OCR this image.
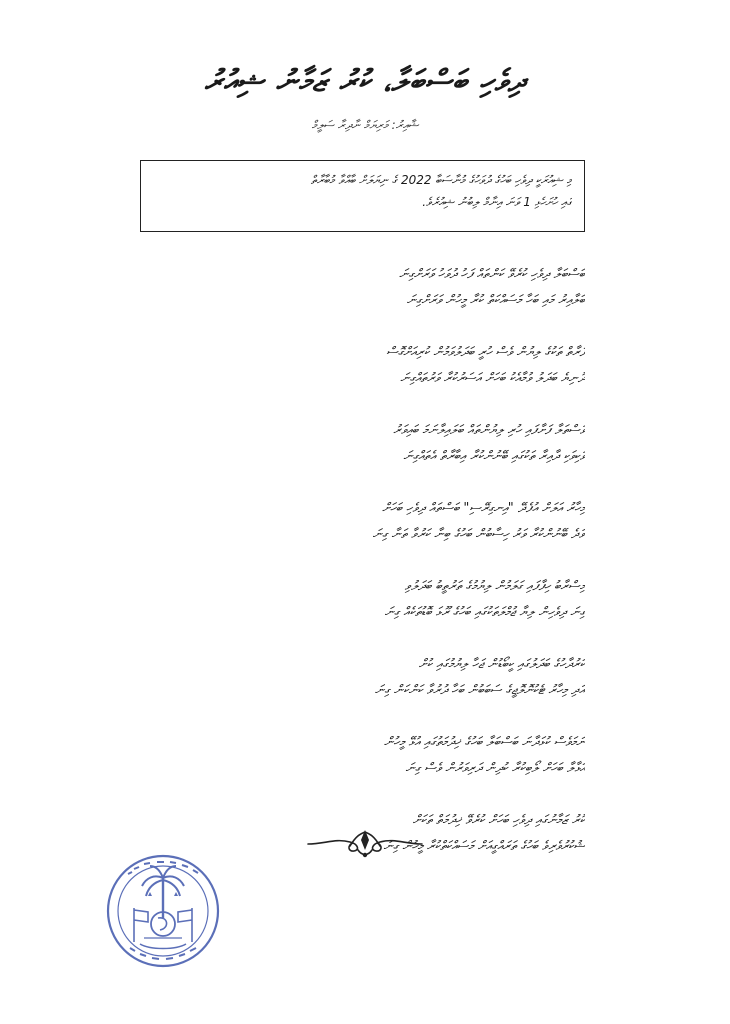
ދިވެހި ބަސްބަލާ، ކުރު ޒަމާނު ޝިއުރު
ޝާއިރު: މަރިޔަމް ނާދިރާ ސަލީމް
މި ޝިއުރަކީ ދިވެހި ބަހުގެ ދުވަހުގެ މުނާސަބާ 2022 ގެ ނިޔަލަށް ބާއްވާ މުބާރާތް
ގައި ހުށަހެޅި 1 ވަނަ އިނާމް ލިބުނު ޝިއުރެވެ.
ބަސްބަލާ ދިވެހި ކުރެވޭ ކަންތައް ފަހު ދުވަހު ވަރަށްގިނަ
ބަލާއިރު މައި ބަހާ މަސައްކަތް ކުރާ މީހުން ވަރަށްގިނަ
ފަރާތް ތަކުގެ ލިޔުން ވެސް ހުރީ ބަދަލުވަމުން ކުރިއަށްގޮސް
ދުނިޔެ ބަދަލު ވުމާއެކު ބަހަށް އަސަރުކުރާ ވަރުތައްގިނަ
ވަސްތަލާ ފަށާފައި ހުރި ލިޔުންތައް ބަލައިލާނަމަ ބައިވަރު
ވަކިވަކި ދާއިރާ ތަކުގައި ބޭނުންކުރާ އިބާރާތް އެތައްގިނަ
މިހާރު އަލަށް އުފެދޭ "އިނގިރޭސި" ބަސްތައް ދިވެހި ބަހަށް
ވަދެ ބޭނުންކުރާ ވަރު ހިސާބުން ބަހުގެ ބިނާ ކަރުވާ ތަނާ ގިނަ
މިސްރާބު ހިފާފައި ގަލަމުން ލިޔުމުގެ ތަރުތީބު ބަދަލުވި
ގިނަ ދިވެހިން ލިޔާ ޖުމްލަތަކުގައި ބަހުގެ ރޫޅަ ބޮޑުތަކެއް ގިނަ
ކަރުދާހުގެ ބަދަލުގައި ކީބޯޑުން ޖަހާ ލިޔުމުގައި ކުށް
އަދި މިހާރު ޓެކުނޮލޮޖީގެ ސަބަބުން ބަހާ ދުރުވާ ކަންކަން ގިނަ
ނަމަވެސް ކުޅަދާނަ ބަސްބަލާ ބަހުގެ ޚިދުމަތުގައި އުޅޭ މީހުން
އަޅާލާ ބަހަށް ލޯބިކުރާ ކުދިން ދަރިވަރުން ވެސް ގިނަ
ކުރު ޒަމާނުގައި ދިވެހި ބަހަށް ކުރެވޭ ޚިދުމަތް ތަކަށް
ޝުކުރުވެރިވެ ބަހުގެ ތަރައްގީއަށް މަސައްކަތްކުރާ މީހުން ގިނަ
